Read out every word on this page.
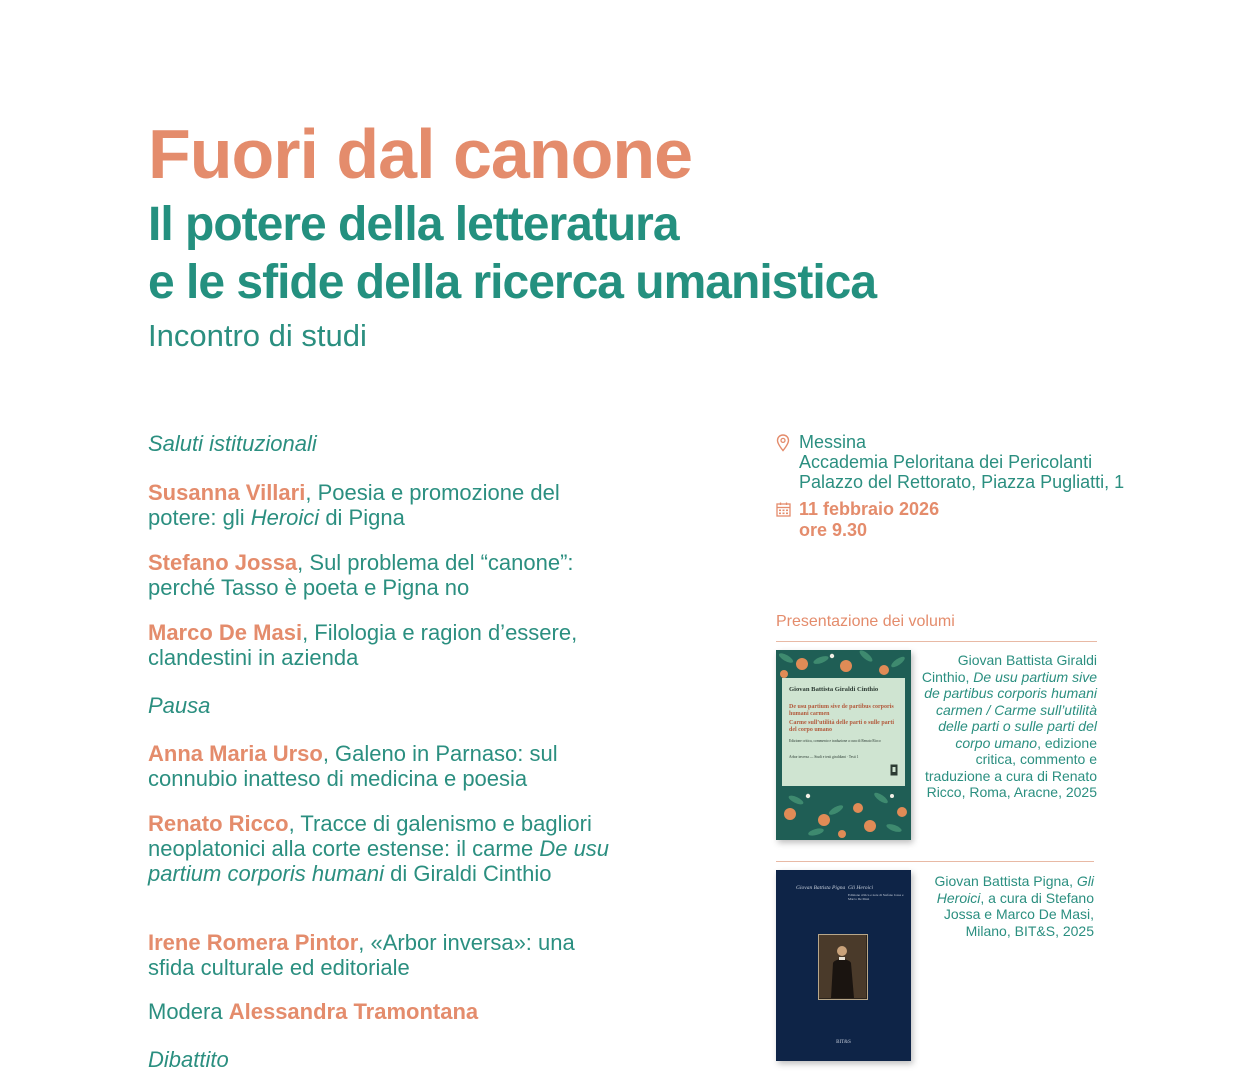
Fuori dal canone
Il potere della letteratura
e le sfide della ricerca umanistica
Incontro di studi
Saluti istituzionali
Susanna Villari, Poesia e promozione del potere: gli Heroici di Pigna
Stefano Jossa, Sul problema del “canone”: perché Tasso è poeta e Pigna no
Marco De Masi, Filologia e ragion d’essere, clandestini in azienda
Pausa
Anna Maria Urso, Galeno in Parnaso: sul connubio inatteso di medicina e poesia
Renato Ricco, Tracce di galenismo e bagliori neoplatonici alla corte estense: il carme De usu partium corporis humani di Giraldi Cinthio
Irene Romera Pintor, «Arbor inversa»: una sfida culturale ed editoriale
Modera Alessandra Tramontana
Dibattito
Messina
Accademia Peloritana dei Pericolanti
Palazzo del Rettorato, Piazza Pugliatti, 1
11 febbraio 2026
ore 9.30
Presentazione dei volumi
Giovan Battista Giraldi Cinthio
De usu partium sive de partibus corporis humani carmen
Carme sull’utilità delle parti o sulle parti del corpo umano
Edizione critica, commento e traduzione a cura di Renato Ricco
Arbor inversa — Studi e testi giraldiani · Testi 1
Giovan Battista Giraldi Cinthio, De usu partium sive de partibus corporis humani carmen / Carme sull’utilità delle parti o sulle parti del corpo umano, edizione critica, commento e traduzione a cura di Renato Ricco, Roma, Aracne, 2025
Giovan Battista Pigna Gli Heroici
Edizione critica e note di Stefano Jossa e Marco De Masi
BIT&S
Giovan Battista Pigna, Gli Heroici, a cura di Stefano Jossa e Marco De Masi, Milano, BIT&S, 2025
